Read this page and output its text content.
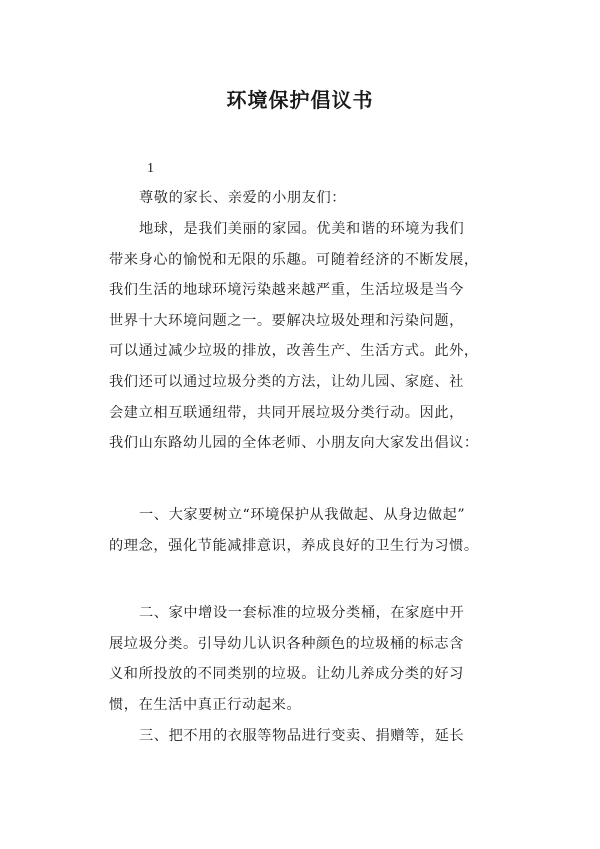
环境保护倡议书
1
尊敬的家长、亲爱的小朋友们：
地球，是我们美丽的家园。优美和谐的环境为我们
带来身心的愉悦和无限的乐趣。可随着经济的不断发展，
我们生活的地球环境污染越来越严重，生活垃圾是当今
世界十大环境问题之一。要解决垃圾处理和污染问题，
可以通过减少垃圾的排放，改善生产、生活方式。此外，
我们还可以通过垃圾分类的方法，让幼儿园、家庭、社
会建立相互联通纽带，共同开展垃圾分类行动。因此，
我们山东路幼儿园的全体老师、小朋友向大家发出倡议：
一、大家要树立“环境保护从我做起、从身边做起”
的理念，强化节能减排意识，养成良好的卫生行为习惯。
二、家中增设一套标准的垃圾分类桶，在家庭中开
展垃圾分类。引导幼儿认识各种颜色的垃圾桶的标志含
义和所投放的不同类别的垃圾。让幼儿养成分类的好习
惯，在生活中真正行动起来。
三、把不用的衣服等物品进行变卖、捐赠等，延长
